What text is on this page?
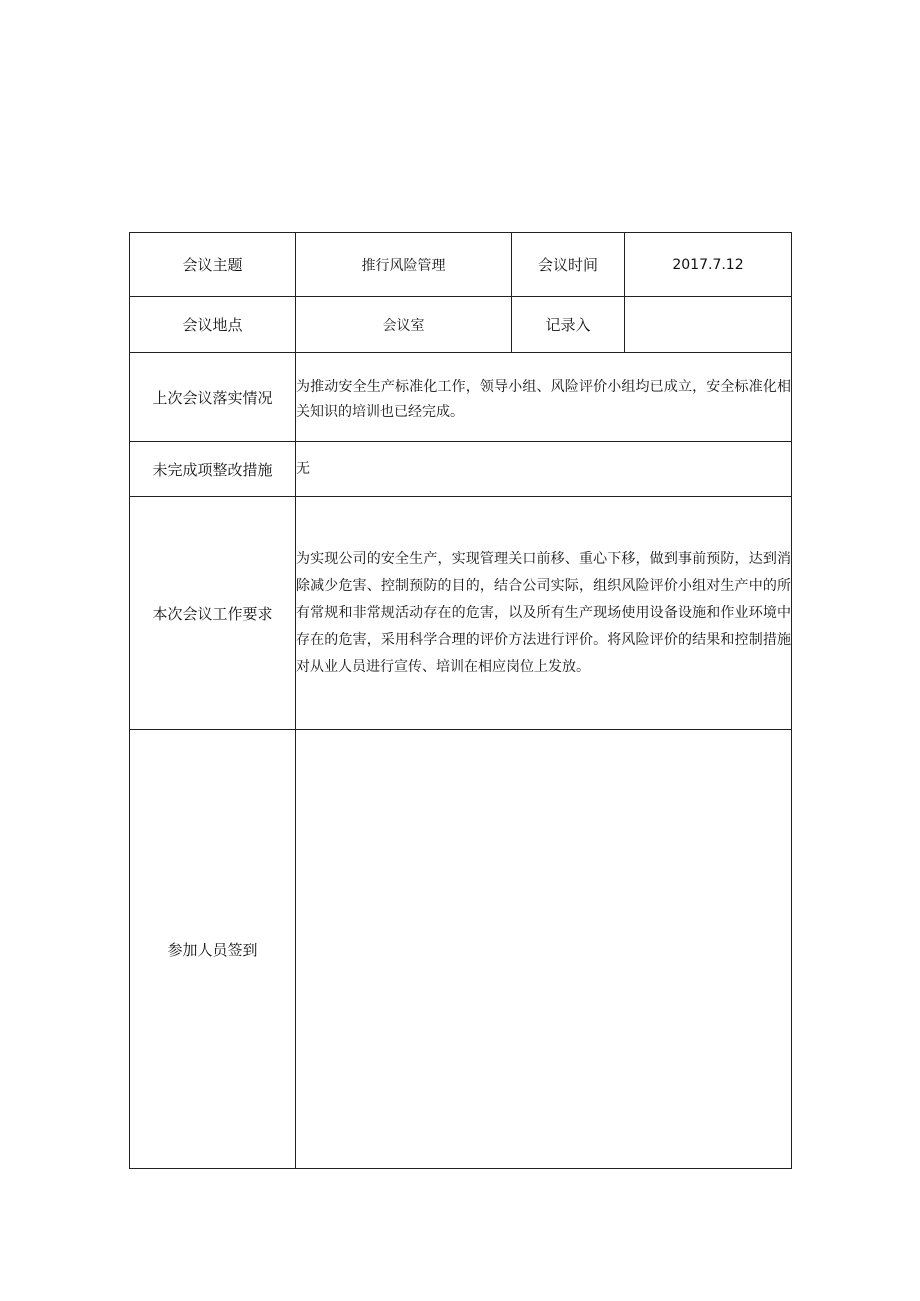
会议主题	推行风险管理	会议时间	2017.7.12
会议地点	会议室	记录入	
上次会议落实情况	为推动安全生产标准化工作，领导小组、风险评价小组均已成立，安全标准化相关知识的培训也已经完成。		
未完成项整改措施	无		
本次会议工作要求	为实现公司的安全生产，实现管理关口前移、重心下移，做到事前预防，达到消除减少危害、控制预防的目的，结合公司实际，组织风险评价小组对生产中的所有常规和非常规活动存在的危害，以及所有生产现场使用设备设施和作业环境中存在的危害，采用科学合理的评价方法进行评价。将风险评价的结果和控制措施对从业人员进行宣传、培训在相应岗位上发放。		
参加人员签到			
